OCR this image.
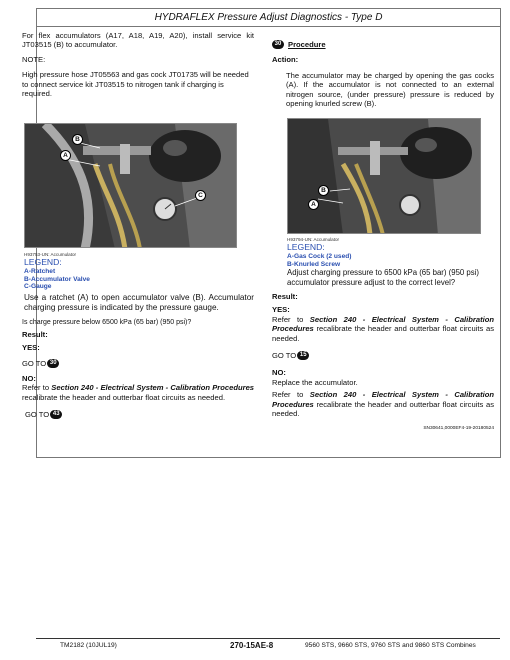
HYDRAFLEX Pressure Adjust Diagnostics - Type D

For flex accumulators (A17, A18, A19, A20), install service kit JT03515 (B) to accumulator.

NOTE:

High pressure hose JT05563 and gas cock JT01735 will be needed to connect service kit JT03515 to nitrogen tank if charging is required.

B
A
C

H93753-UN: Accumulator

LEGEND:

A-Ratchet

B-Accumulator Valve

C-Gauge

Use a ratchet (A) to open accumulator valve (B). Accumulator charging pressure is indicated by the pressure gauge.

Is charge pressure below 6500 kPa (65 bar) (950 psi)?

Result:

YES:

GO TO 30

NO:

Refer to Section 240 - Electrical System - Calibration Procedures recalibrate the header and outterbar float circuits as needed.

GO TO 43
30 Procedure

Action:

The accumulator may be charged by opening the gas cocks (A). If the accumulator is not connected to an external nitrogen source, (under pressure) pressure is reduced by opening knurled screw (B).

B
A

H93794-UN: Accumulator

LEGEND:

A-Gas Cock (2 used)

B-Knurled Screw

Adjust charging pressure to 6500 kPa (65 bar) (950 psi) accumulator pressure adjust to the correct level?

Result:

YES:

Refer to Section 240 - Electrical System - Calibration Procedures recalibrate the header and outterbar float circuits as needed.

GO TO 15

NO:

Replace the accumulator.

Refer to Section 240 - Electrical System - Calibration Procedures recalibrate the header and outterbar float circuits as needed.

SN30641,0000EF4-19-20180524

TM2182 (10JUL19)	270-15AE-8	9560 STS, 9660 STS, 9760 STS and 9860 STS Combines
